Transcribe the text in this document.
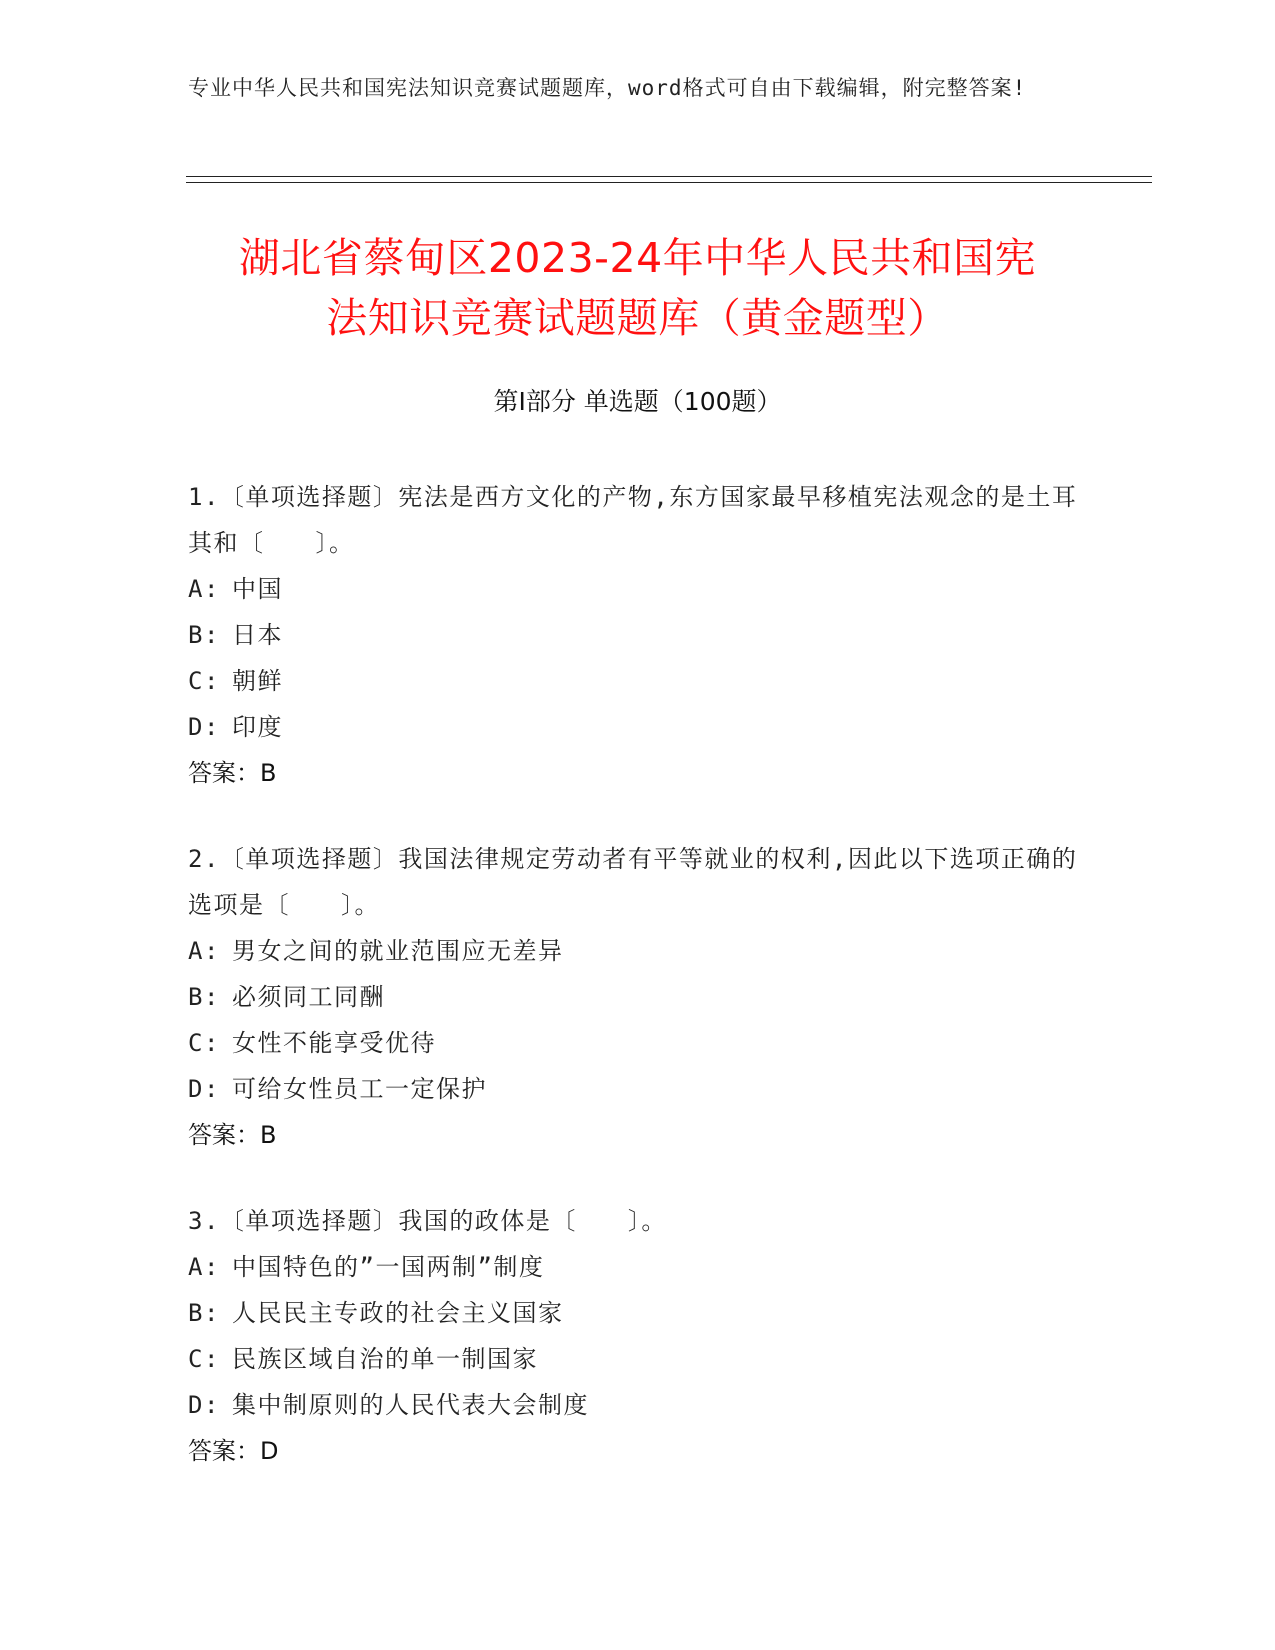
专业中华人民共和国宪法知识竞赛试题题库，word格式可自由下载编辑，附完整答案!
湖北省蔡甸区2023-24年中华人民共和国宪
法知识竞赛试题题库（黄金题型）
第Ⅰ部分 单选题（100题）
1.〔单项选择题〕宪法是西方文化的产物,东方国家最早移植宪法观念的是土耳其和〔　　〕。
A: 中国
B: 日本
C: 朝鲜
D: 印度
答案：B
2.〔单项选择题〕我国法律规定劳动者有平等就业的权利,因此以下选项正确的选项是〔　　〕。
A: 男女之间的就业范围应无差异
B: 必须同工同酬
C: 女性不能享受优待
D: 可给女性员工一定保护
答案：B
3.〔单项选择题〕我国的政体是〔　　〕。
A: 中国特色的”一国两制”制度
B: 人民民主专政的社会主义国家
C: 民族区域自治的单一制国家
D: 集中制原则的人民代表大会制度
答案：D
